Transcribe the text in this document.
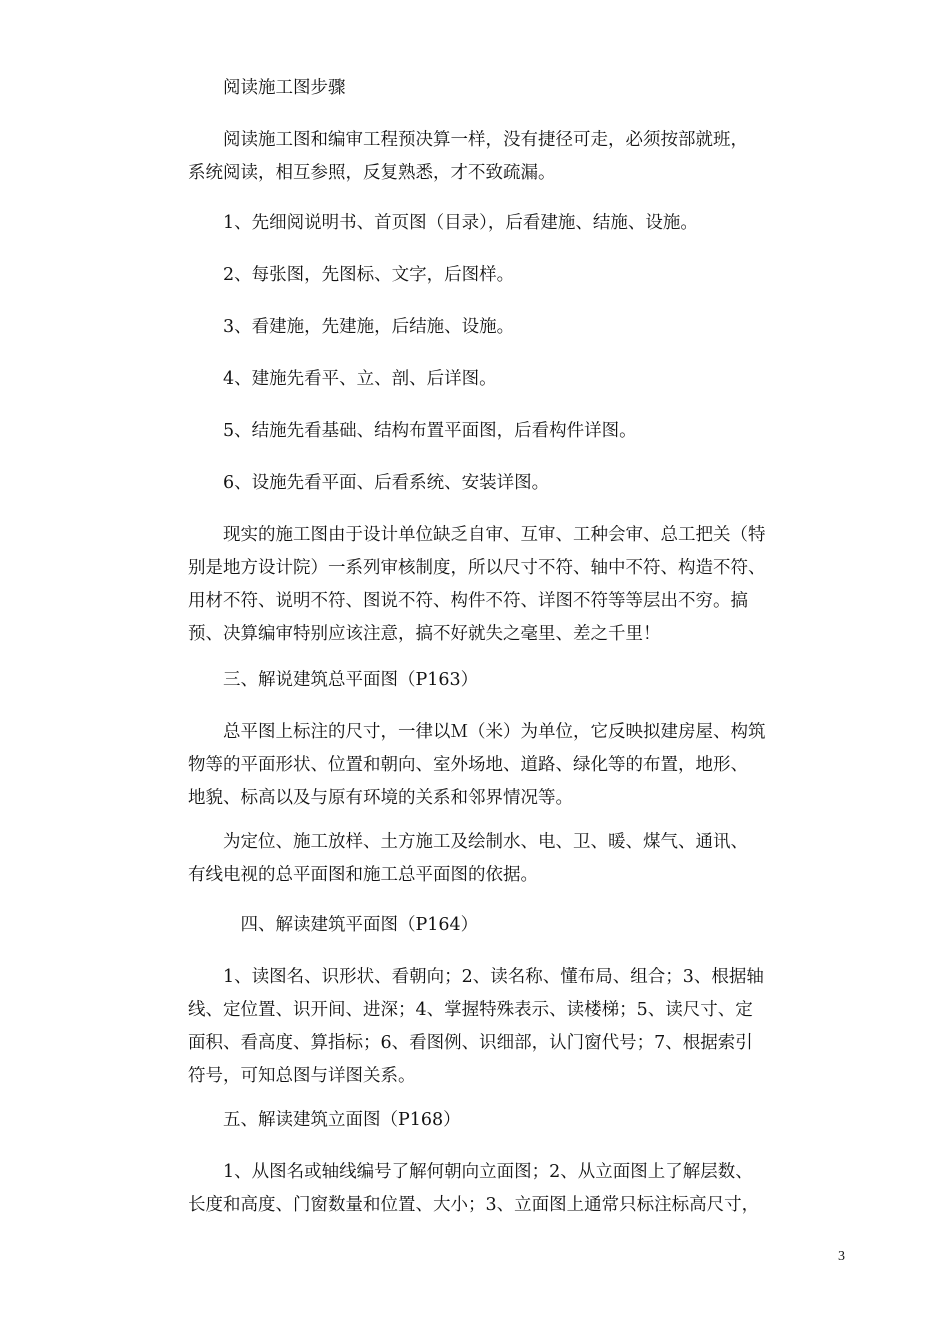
　　阅读施工图步骤

　　阅读施工图和编审工程预决算一样，没有捷径可走，必须按部就班，
系统阅读，相互参照，反复熟悉，才不致疏漏。

　　1、先细阅说明书、首页图（目录），后看建施、结施、设施。

　　2、每张图，先图标、文字，后图样。

　　3、看建施，先建施，后结施、设施。

　　4、建施先看平、立、剖、后详图。

　　5、结施先看基础、结构布置平面图，后看构件详图。

　　6、设施先看平面、后看系统、安装详图。

　　现实的施工图由于设计单位缺乏自审、互审、工种会审、总工把关（特
别是地方设计院）一系列审核制度，所以尺寸不符、轴中不符、构造不符、
用材不符、说明不符、图说不符、构件不符、详图不符等等层出不穷。搞
预、决算编审特别应该注意，搞不好就失之毫里、差之千里！

　　三、解说建筑总平面图（P163）

　　总平图上标注的尺寸，一律以Ｍ（米）为单位，它反映拟建房屋、构筑
物等的平面形状、位置和朝向、室外场地、道路、绿化等的布置，地形、
地貌、标高以及与原有环境的关系和邻界情况等。

　　为定位、施工放样、土方施工及绘制水、电、卫、暖、煤气、通讯、
有线电视的总平面图和施工总平面图的依据。

　　　四、解读建筑平面图（P164）

　　1、读图名、识形状、看朝向；2、读名称、懂布局、组合；3、根据轴
线、定位置、识开间、进深；4、掌握特殊表示、读楼梯；5、读尺寸、定
面积、看高度、算指标；6、看图例、识细部，认门窗代号；7、根据索引
符号，可知总图与详图关系。

　　五、解读建筑立面图（P168）

　　1、从图名或轴线编号了解何朝向立面图；2、从立面图上了解层数、
长度和高度、门窗数量和位置、大小；3、立面图上通常只标注标高尺寸，

3
